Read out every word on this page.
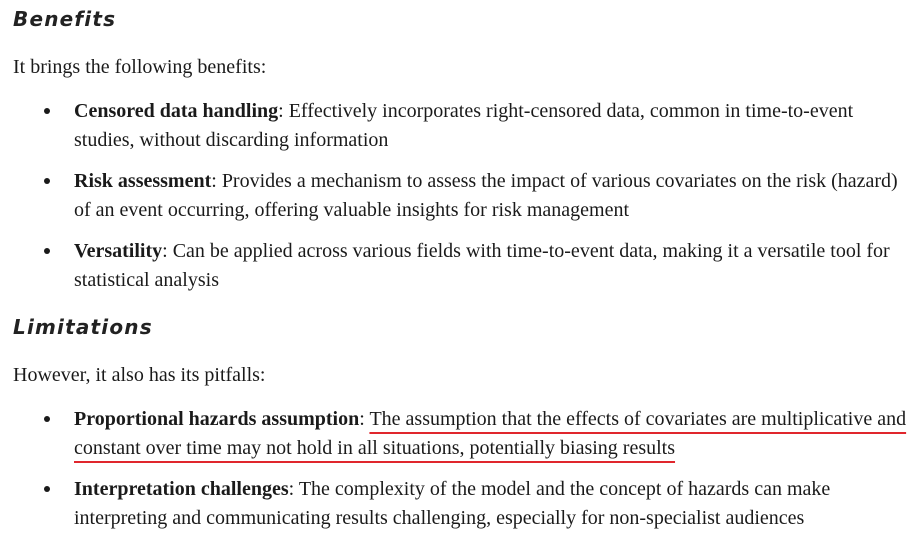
Benefits

It brings the following benefits:

Censored data handling: Effectively incorporates right-censored data, common in time-to-event studies, without discarding information
Risk assessment: Provides a mechanism to assess the impact of various covariates on the risk (hazard) of an event occurring, offering valuable insights for risk management
Versatility: Can be applied across various fields with time-to-event data, making it a versatile tool for statistical analysis
Limitations

However, it also has its pitfalls:

Proportional hazards assumption: The assumption that the effects of covariates are multiplicative and constant over time may not hold in all situations, potentially biasing results
Interpretation challenges: The complexity of the model and the concept of hazards can make interpreting and communicating results challenging, especially for non-specialist audiences
